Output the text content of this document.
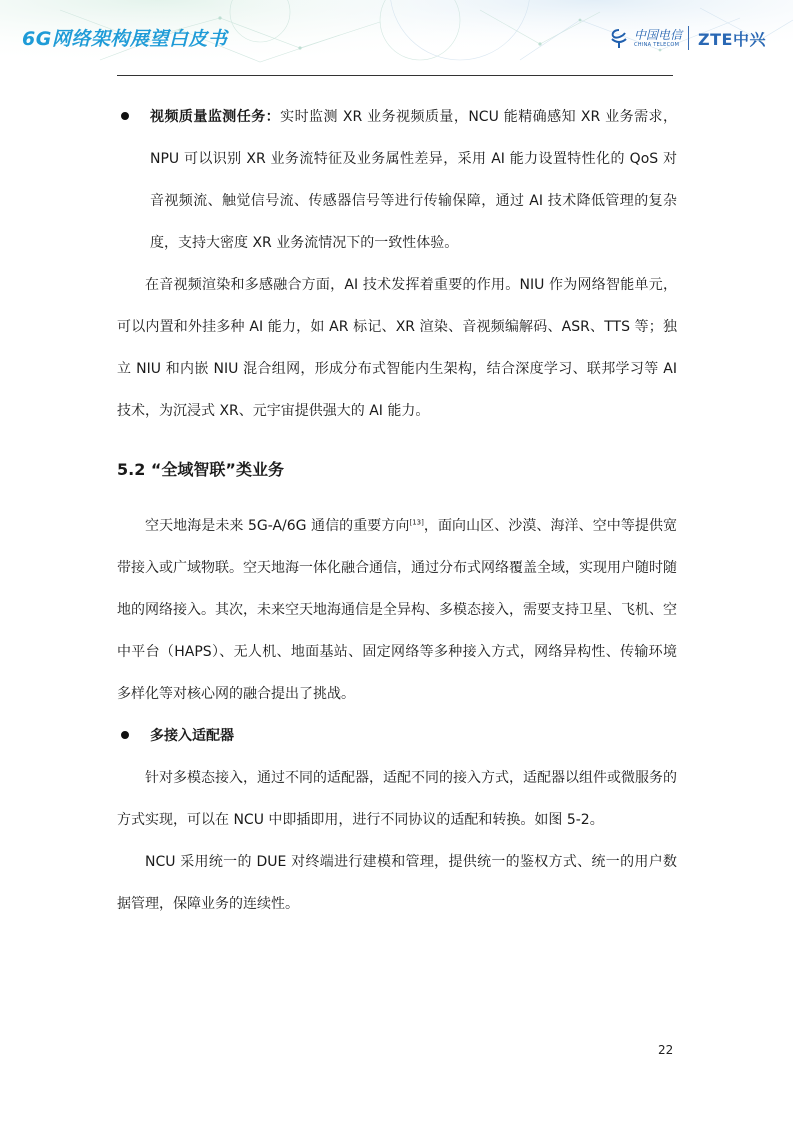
6G网络架构展望白皮书	中国电信
CHINA TELECOM ZTE中兴

视频质量监测任务：实时监测 XR 业务视频质量，NCU 能精确感知 XR 业务需求，NPU 可以识别 XR 业务流特征及业务属性差异，采用 AI 能力设置特性化的 QoS 对音视频流、触觉信号流、传感器信号等进行传输保障，通过 AI 技术降低管理的复杂度，支持大密度 XR 业务流情况下的一致性体验。

在音视频渲染和多感融合方面，AI 技术发挥着重要的作用。NIU 作为网络智能单元，可以内置和外挂多种 AI 能力，如 AR 标记、XR 渲染、音视频编解码、ASR、TTS 等；独立 NIU 和内嵌 NIU 混合组网，形成分布式智能内生架构，结合深度学习、联邦学习等 AI 技术，为沉浸式 XR、元宇宙提供强大的 AI 能力。

5.2 “全域智联”类业务

空天地海是未来 5G-A/6G 通信的重要方向[13]，面向山区、沙漠、海洋、空中等提供宽带接入或广域物联。空天地海一体化融合通信，通过分布式网络覆盖全域，实现用户随时随地的网络接入。其次，未来空天地海通信是全异构、多模态接入，需要支持卫星、飞机、空中平台（HAPS）、无人机、地面基站、固定网络等多种接入方式，网络异构性、传输环境多样化等对核心网的融合提出了挑战。

多接入适配器

针对多模态接入，通过不同的适配器，适配不同的接入方式，适配器以组件或微服务的方式实现，可以在 NCU 中即插即用，进行不同协议的适配和转换。如图 5-2。

NCU 采用统一的 DUE 对终端进行建模和管理，提供统一的鉴权方式、统一的用户数据管理，保障业务的连续性。

22
